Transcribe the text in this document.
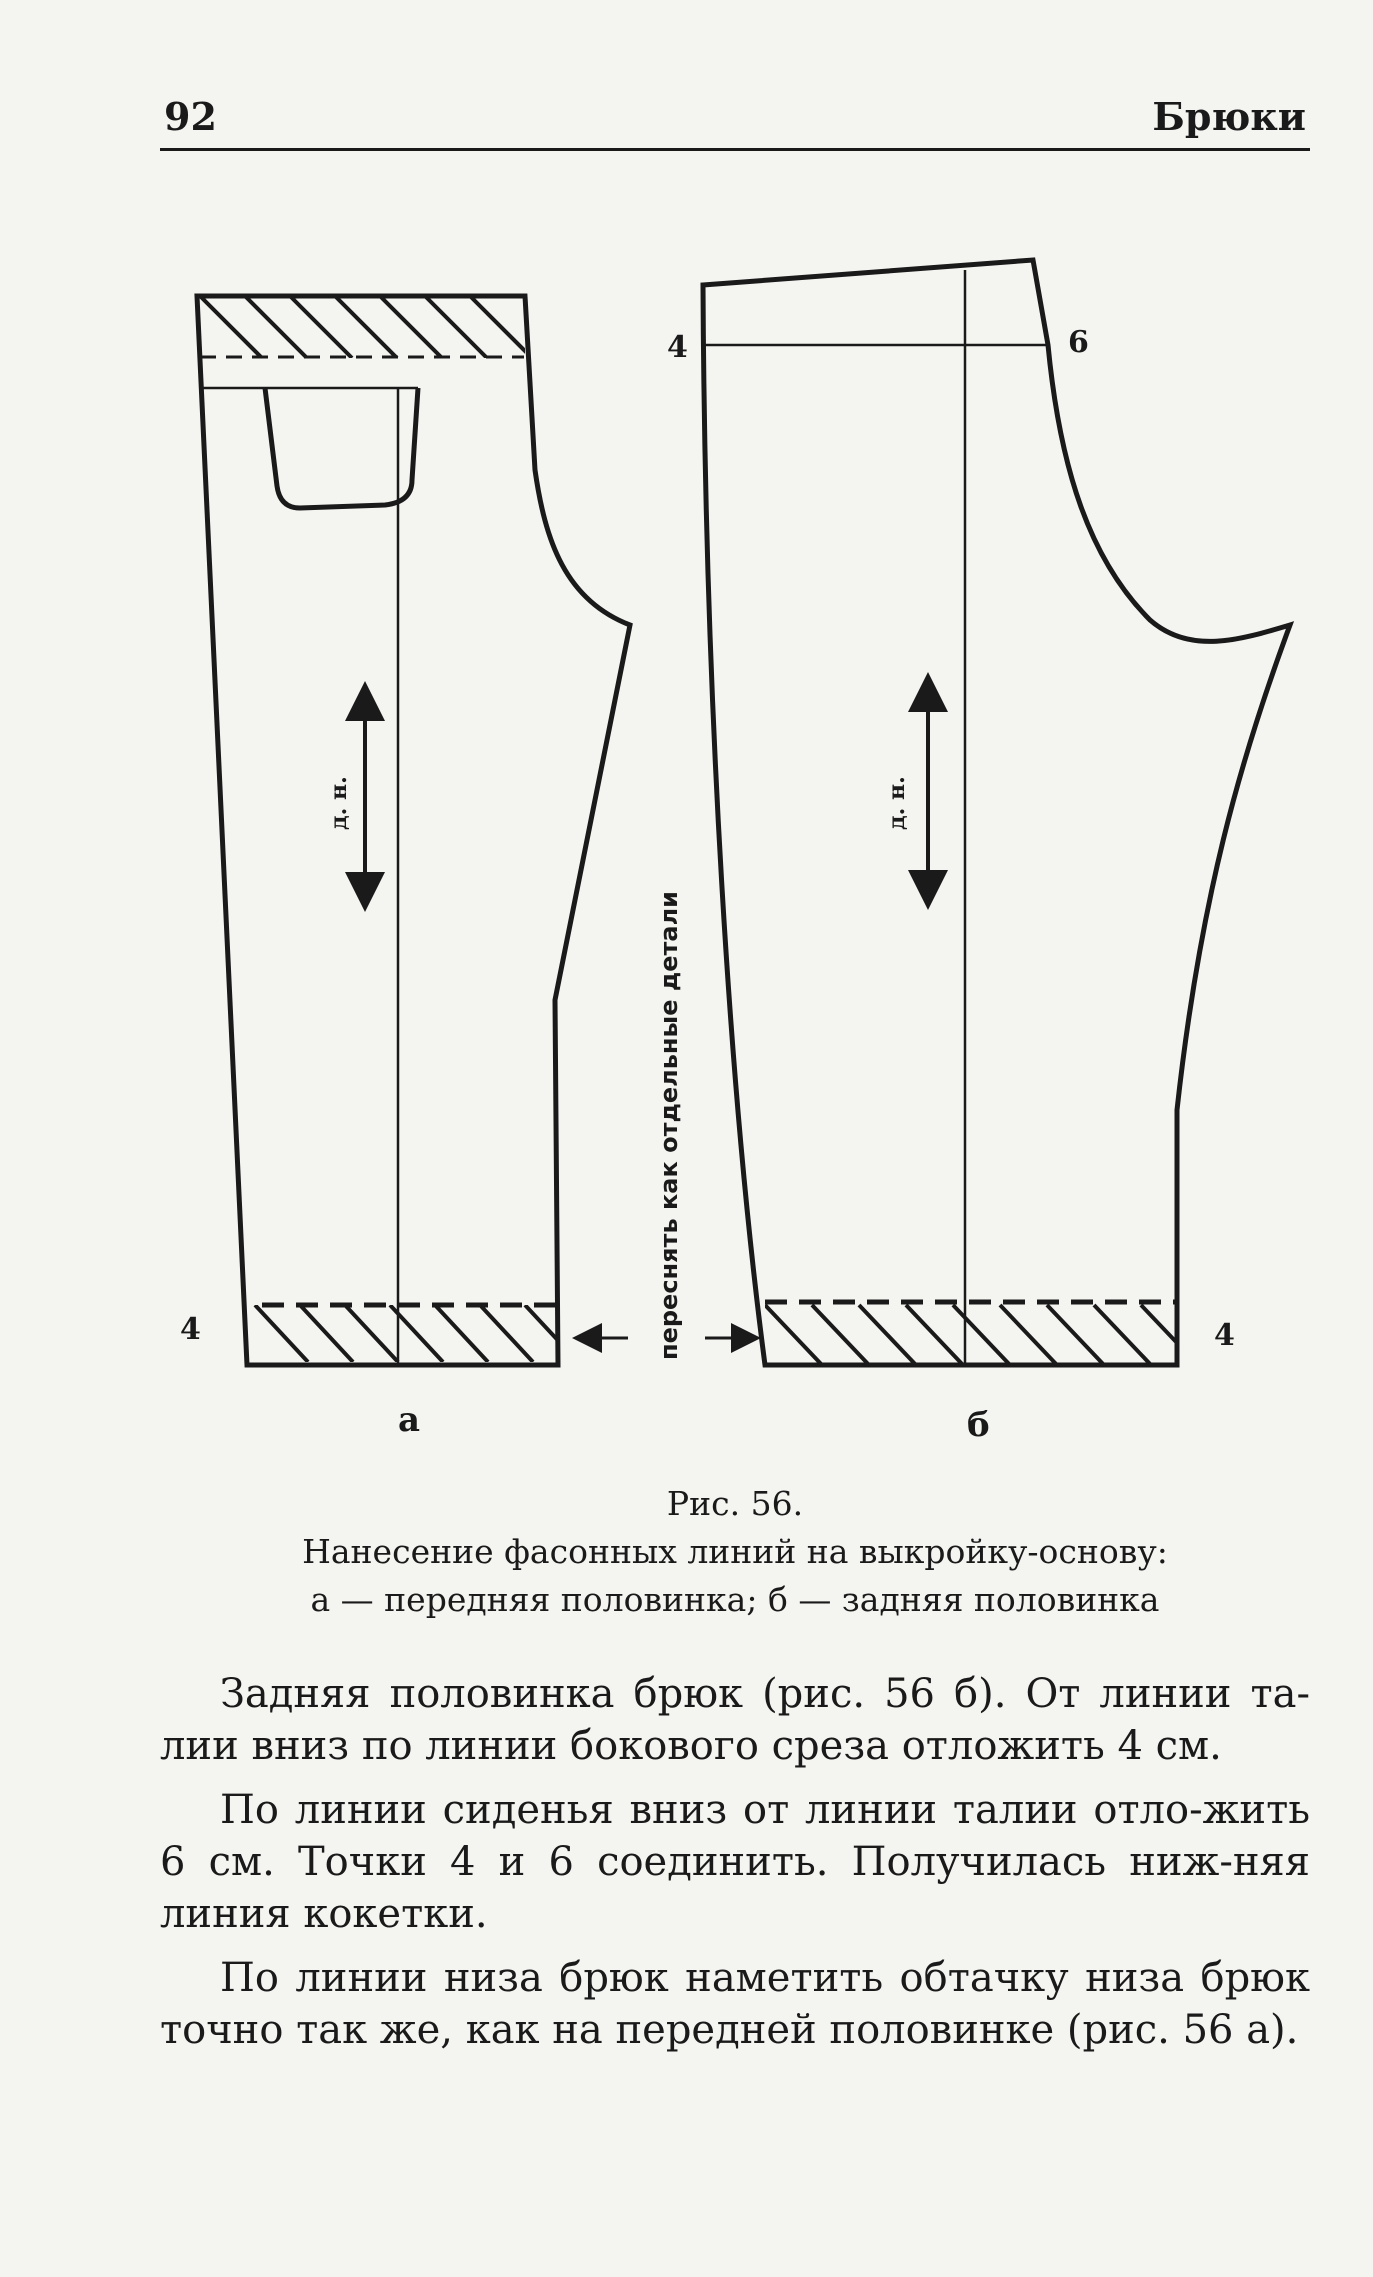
92	Брюки
4
4	6
4
д. н.	д. н.
переснять как отдельные детали
а	б
Рис. 56.
Нанесение фасонных линий на выкройку-основу:
а — передняя половинка; б — задняя половинка

Задняя половинка брюк (рис. 56 б). От линии та-лии вниз по линии бокового среза отложить 4 см.

По линии сиденья вниз от линии талии отло-жить 6 см. Точки 4 и 6 соединить. Получилась ниж-няя линия кокетки.

По линии низа брюк наметить обтачку низа брюк точно так же, как на передней половинке (рис. 56 а).
